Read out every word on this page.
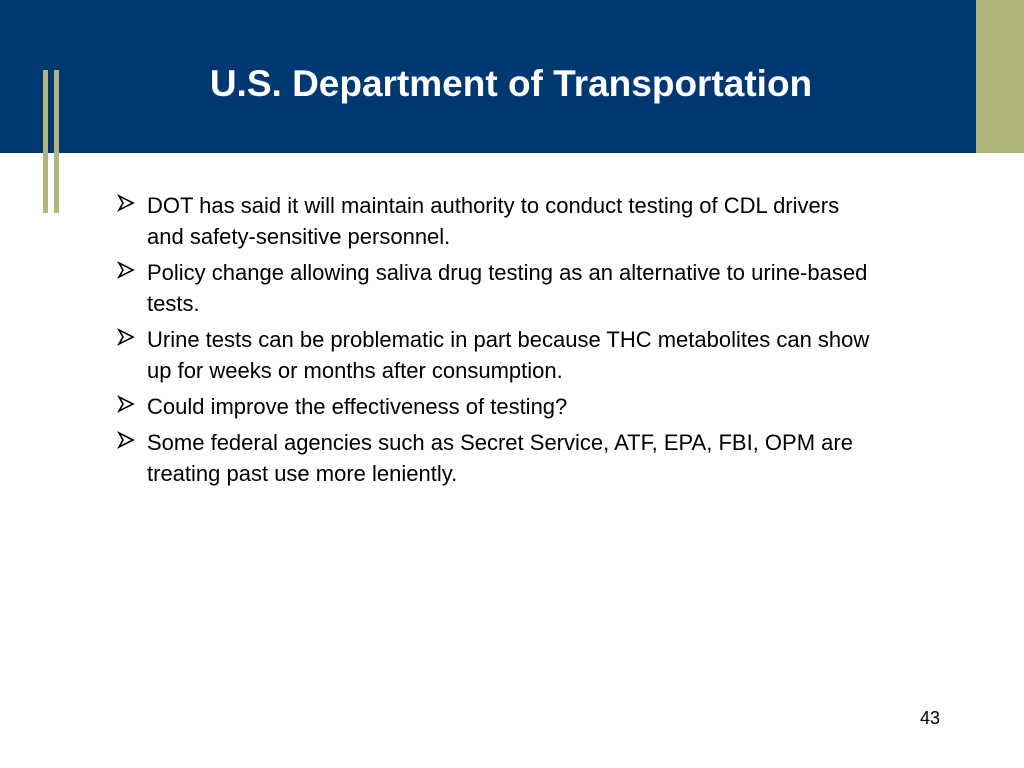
U.S. Department of Transportation
DOT has said it will maintain authority to conduct testing of CDL drivers and safety-sensitive personnel.
Policy change allowing saliva drug testing as an alternative to urine-based tests.
Urine tests can be problematic in part because THC metabolites can show up for weeks or months after consumption.
Could improve the effectiveness of testing?
Some federal agencies such as Secret Service, ATF, EPA, FBI, OPM are treating past use more leniently.
43
